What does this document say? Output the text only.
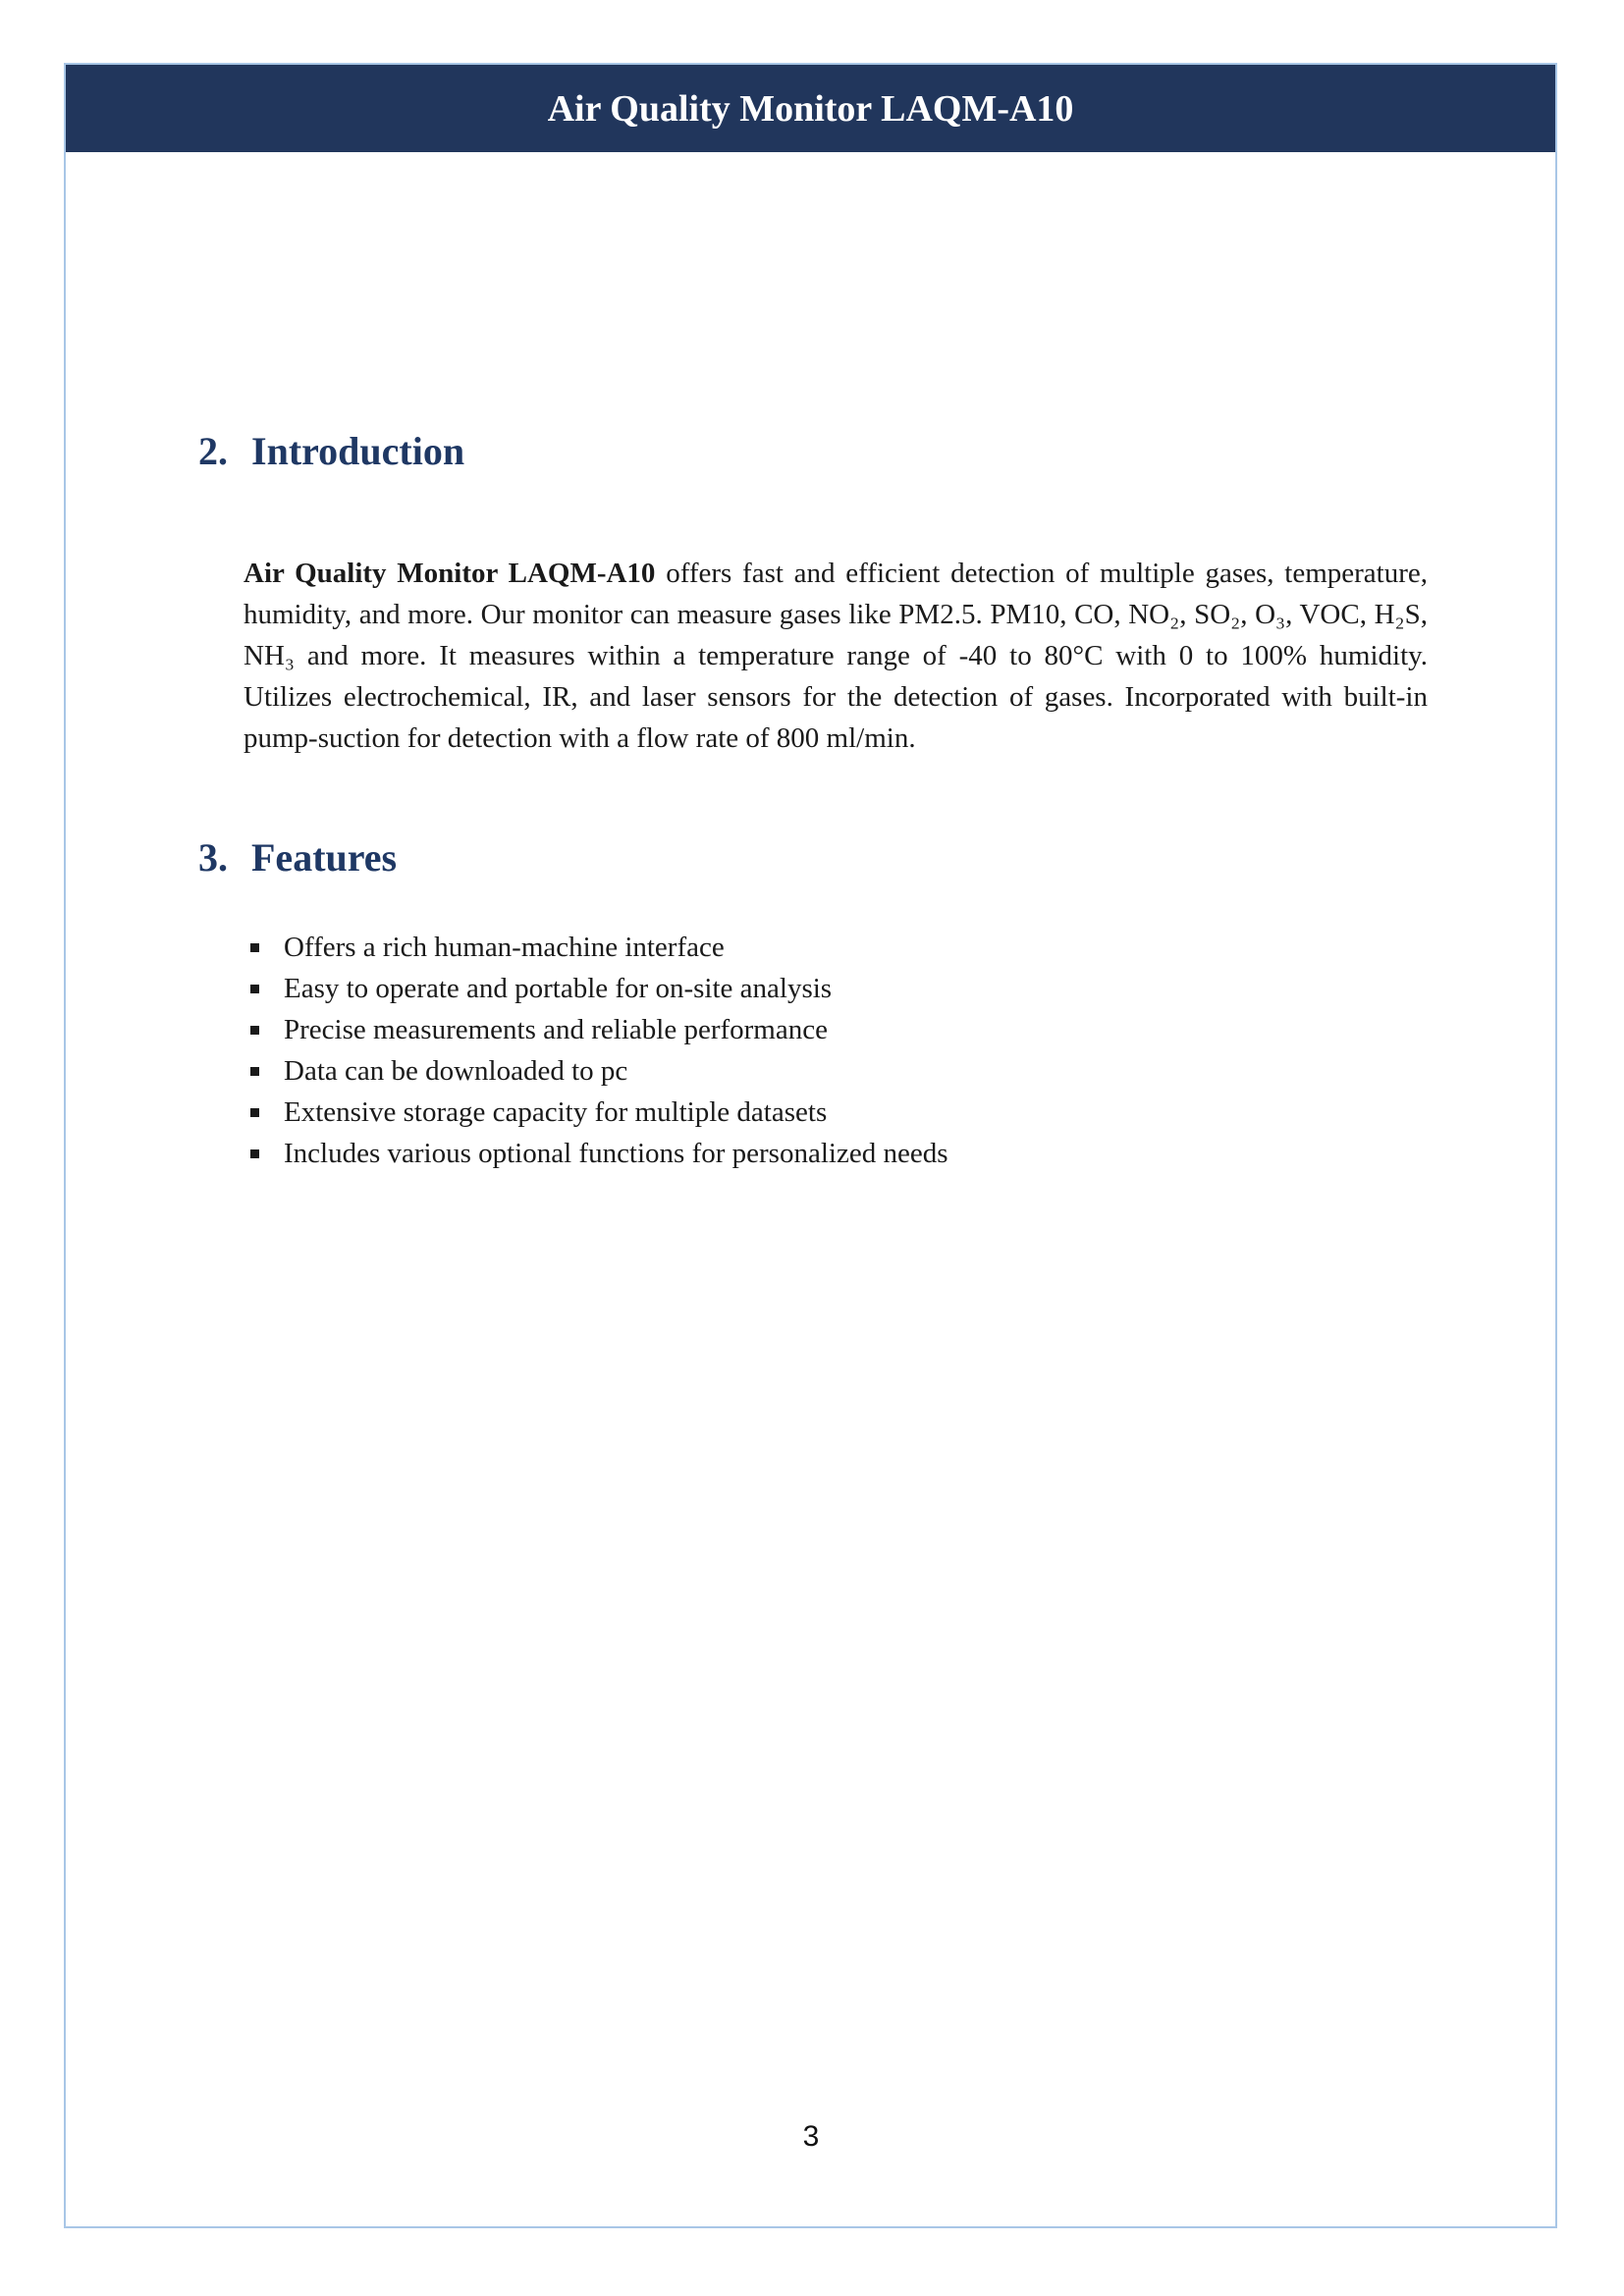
Air Quality Monitor LAQM-A10
2. Introduction

Air Quality Monitor LAQM-A10 offers fast and efficient detection of multiple gases, temperature, humidity, and more. Our monitor can measure gases like PM2.5. PM10, CO, NO₂, SO₂, O₃, VOC, H₂S, NH₃ and more. It measures within a temperature range of -40 to 80°C with 0 to 100% humidity. Utilizes electrochemical, IR, and laser sensors for the detection of gases. Incorporated with built-in pump-suction for detection with a flow rate of 800 ml/min.

3. Features
Offers a rich human-machine interface
Easy to operate and portable for on-site analysis
Precise measurements and reliable performance
Data can be downloaded to pc
Extensive storage capacity for multiple datasets
Includes various optional functions for personalized needs
3
